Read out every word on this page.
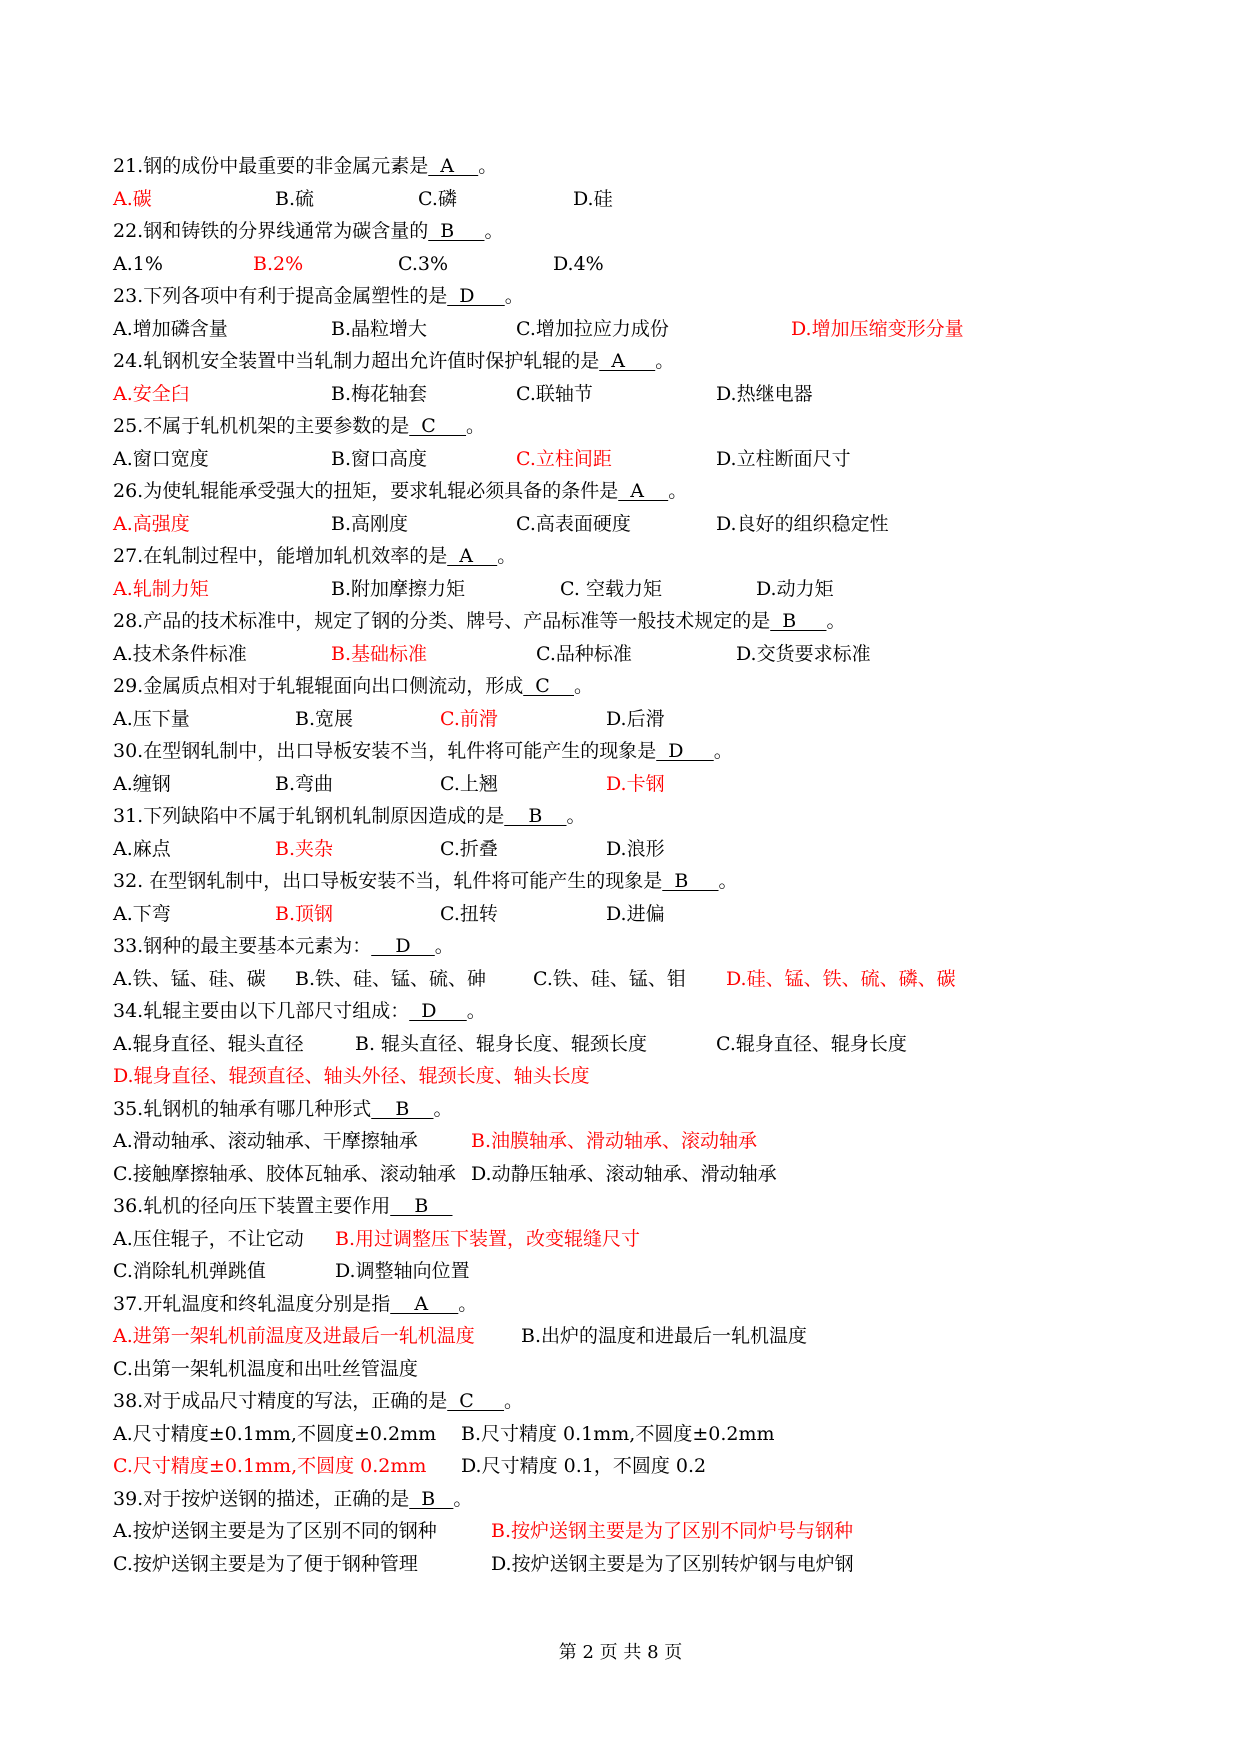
21.钢的成份中最重要的非金属元素是  A    。
A.碳	B.硫	C.磷	D.硅
22.钢和铸铁的分界线通常为碳含量的  B     。
A.1%	B.2%	C.3%	D.4%
23.下列各项中有利于提高金属塑性的是  D     。
A.增加磷含量	B.晶粒增大	C.增加拉应力成份	D.增加压缩变形分量
24.轧钢机安全装置中当轧制力超出允许值时保护轧辊的是  A     。
A.安全臼	B.梅花轴套	C.联轴节	D.热继电器
25.不属于轧机机架的主要参数的是  C     。
A.窗口宽度	B.窗口高度	C.立柱间距	D.立柱断面尺寸
26.为使轧辊能承受强大的扭矩，要求轧辊必须具备的条件是  A    。
A.高强度	B.高刚度	C.高表面硬度	D.良好的组织稳定性
27.在轧制过程中，能增加轧机效率的是  A    。
A.轧制力矩	B.附加摩擦力矩	C. 空载力矩	D.动力矩
28.产品的技术标准中，规定了钢的分类、牌号、产品标准等一般技术规定的是  B     。
A.技术条件标准	B.基础标准	C.品种标准	D.交货要求标准
29.金属质点相对于轧辊辊面向出口侧流动，形成  C    。
A.压下量	B.宽展	C.前滑	D.后滑
30.在型钢轧制中，出口导板安装不当，轧件将可能产生的现象是  D     。
A.缠钢	B.弯曲	C.上翘	D.卡钢
31.下列缺陷中不属于轧钢机轧制原因造成的是    B    。
A.麻点	B.夹杂	C.折叠	D.浪形
32. 在型钢轧制中，出口导板安装不当，轧件将可能产生的现象是  B     。
A.下弯	B.顶钢	C.扭转	D.进偏
33.钢种的最主要基本元素为：    D    。
A.铁、锰、硅、碳 B.铁、硅、锰、硫、砷 C.铁、硅、锰、钼 D.硅、锰、铁、硫、磷、碳
34.轧辊主要由以下几部尺寸组成：  D     。
A.辊身直径、辊头直径	B. 辊头直径、辊身长度、辊颈长度	C.辊身直径、辊身长度
D.辊身直径、辊颈直径、轴头外径、辊颈长度、轴头长度
35.轧钢机的轴承有哪几种形式    B    。
A.滑动轴承、滚动轴承、干摩擦轴承	B.油膜轴承、滑动轴承、滚动轴承
C.接触摩擦轴承、胶体瓦轴承、滚动轴承 D.动静压轴承、滚动轴承、滑动轴承
36.轧机的径向压下装置主要作用    B
A.压住辊子，不让它动 B.用过调整压下装置，改变辊缝尺寸
C.消除轧机弹跳值	D.调整轴向位置
37.开轧温度和终轧温度分别是指    A     。
A.进第一架轧机前温度及进最后一轧机温度 B.出炉的温度和进最后一轧机温度
C.出第一架轧机温度和出吐丝管温度
38.对于成品尺寸精度的写法，正确的是  C     。
A.尺寸精度±0.1mm,不圆度±0.2mm B.尺寸精度 0.1mm,不圆度±0.2mm
C.尺寸精度±0.1mm,不圆度 0.2mm D.尺寸精度 0.1，不圆度 0.2
39.对于按炉送钢的描述，正确的是  B   。
A.按炉送钢主要是为了区别不同的钢种	B.按炉送钢主要是为了区别不同炉号与钢种
C.按炉送钢主要是为了便于钢种管理	D.按炉送钢主要是为了区别转炉钢与电炉钢
第 2 页 共 8 页
